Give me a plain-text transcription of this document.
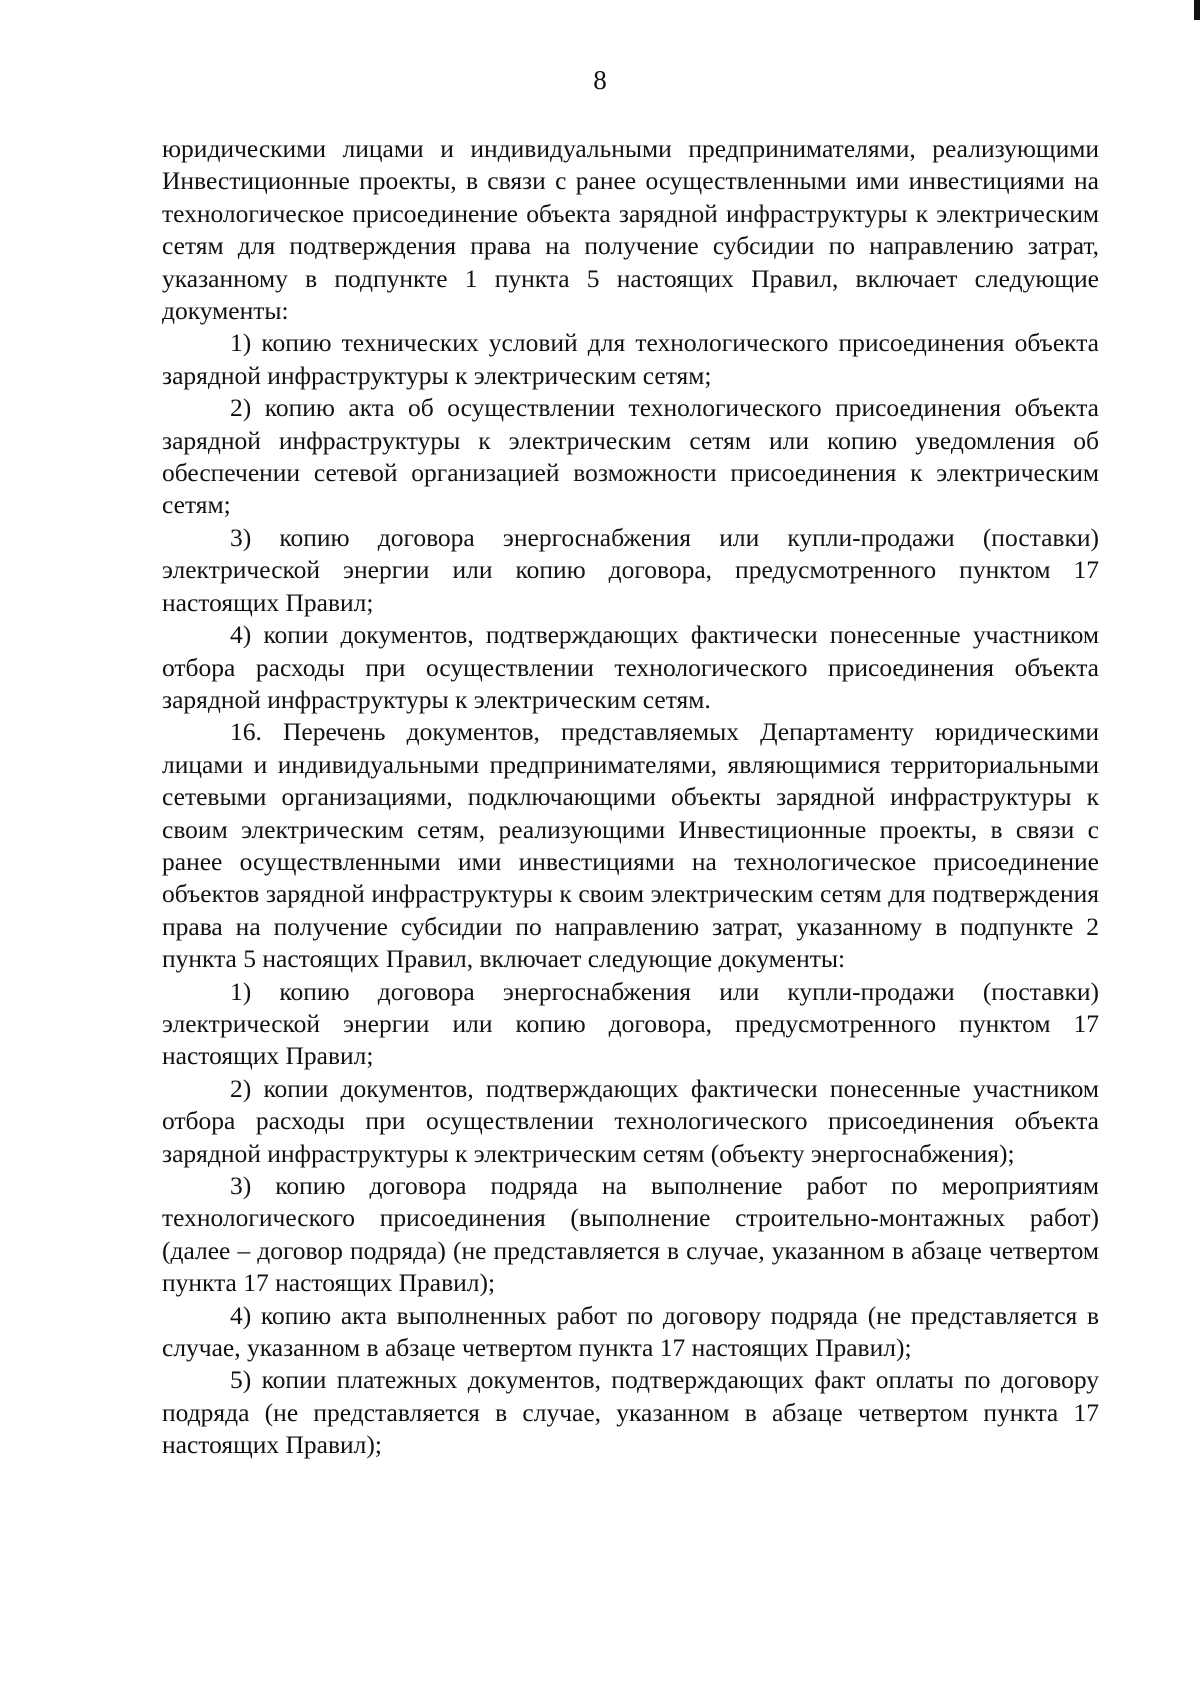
8

юридическими лицами и индивидуальными предпринимателями, реализующими Инвестиционные проекты, в связи с ранее осуществленными ими инвестициями на технологическое присоединение объекта зарядной инфраструктуры к электрическим сетям для подтверждения права на получение субсидии по направлению затрат, указанному в подпункте 1 пункта 5 настоящих Правил, включает следующие документы:

1) копию технических условий для технологического присоединения объекта зарядной инфраструктуры к электрическим сетям;

2) копию акта об осуществлении технологического присоединения объекта зарядной инфраструктуры к электрическим сетям или копию уведомления об обеспечении сетевой организацией возможности присоединения к электрическим сетям;

3) копию договора энергоснабжения или купли-продажи (поставки) электрической энергии или копию договора, предусмотренного пунктом 17 настоящих Правил;

4) копии документов, подтверждающих фактически понесенные участником отбора расходы при осуществлении технологического присоединения объекта зарядной инфраструктуры к электрическим сетям.

16. Перечень документов, представляемых Департаменту юридическими лицами и индивидуальными предпринимателями, являющимися территориальными сетевыми организациями, подключающими объекты зарядной инфраструктуры к своим электрическим сетям, реализующими Инвестиционные проекты, в связи с ранее осуществленными ими инвестициями на технологическое присоединение объектов зарядной инфраструктуры к своим электрическим сетям для подтверждения права на получение субсидии по направлению затрат, указанному в подпункте 2 пункта 5 настоящих Правил, включает следующие документы:

1) копию договора энергоснабжения или купли-продажи (поставки) электрической энергии или копию договора, предусмотренного пунктом 17 настоящих Правил;

2) копии документов, подтверждающих фактически понесенные участником отбора расходы при осуществлении технологического присоединения объекта зарядной инфраструктуры к электрическим сетям (объекту энергоснабжения);

3) копию договора подряда на выполнение работ по мероприятиям технологического присоединения (выполнение строительно-монтажных работ) (далее – договор подряда) (не представляется в случае, указанном в абзаце четвертом пункта 17 настоящих Правил);

4) копию акта выполненных работ по договору подряда (не представляется в случае, указанном в абзаце четвертом пункта 17 настоящих Правил);

5) копии платежных документов, подтверждающих факт оплаты по договору подряда (не представляется в случае, указанном в абзаце четвертом пункта 17 настоящих Правил);
